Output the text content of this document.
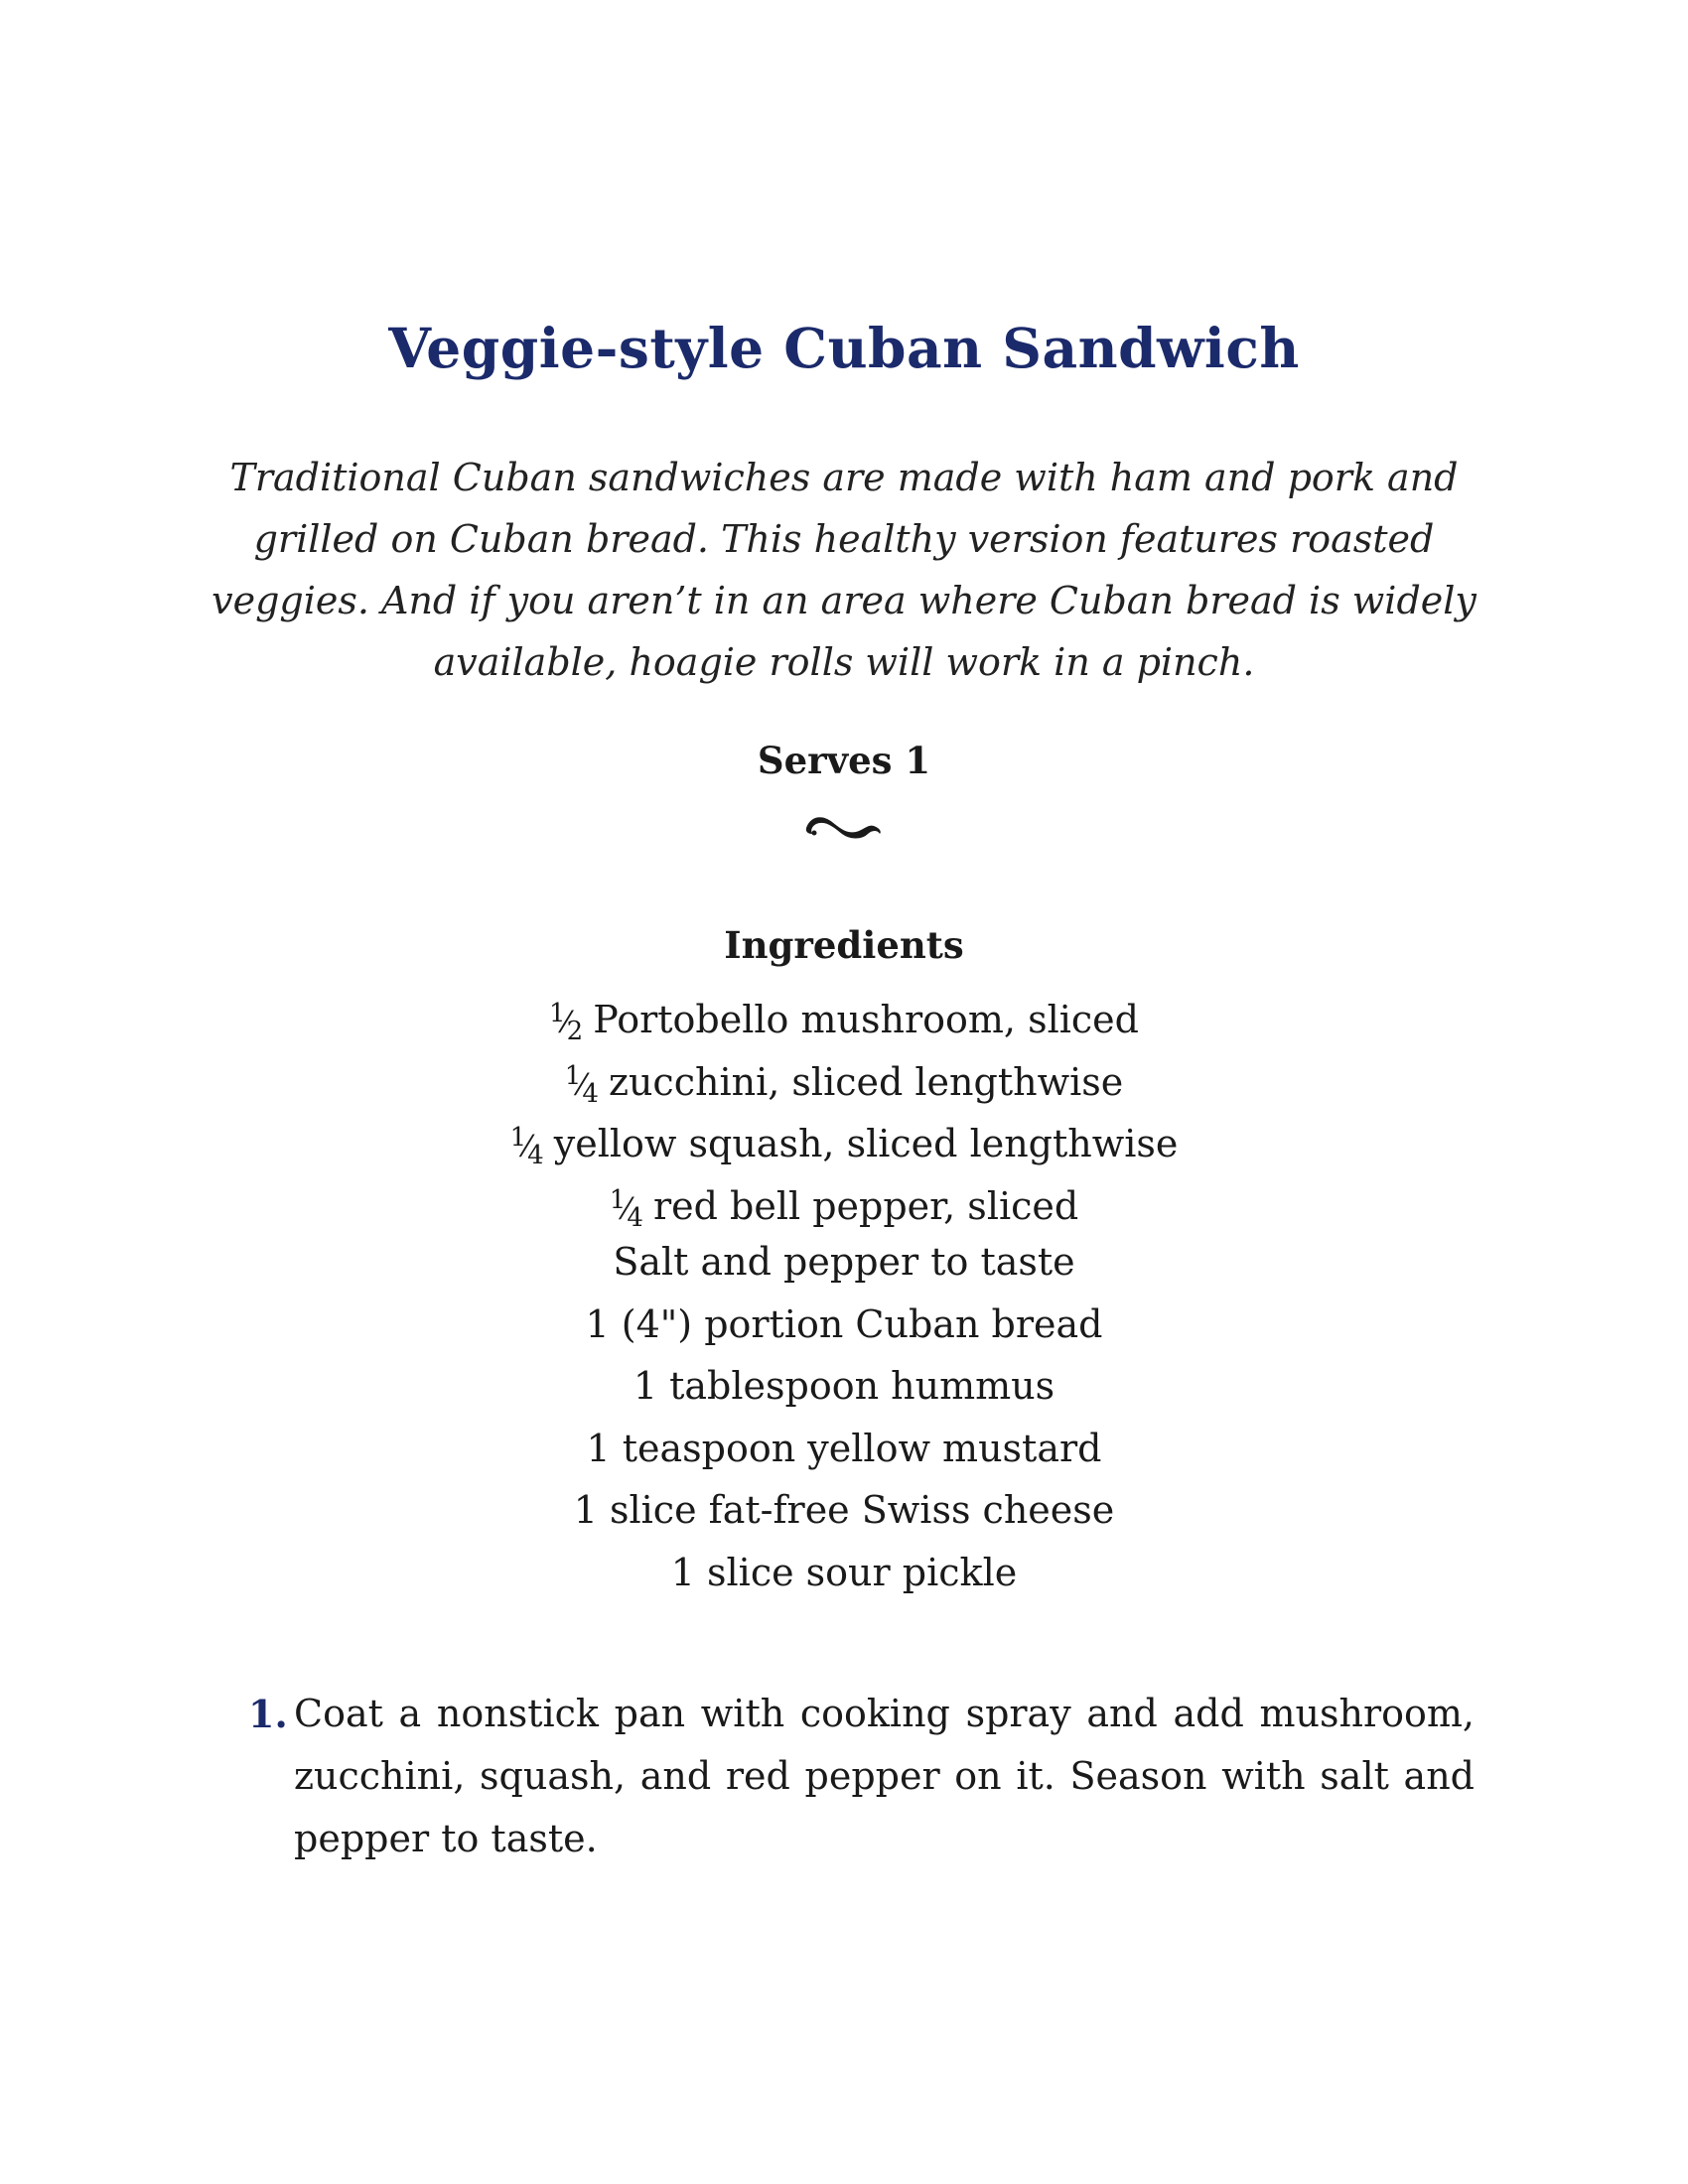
Veggie-style Cuban Sandwich

Traditional Cuban sandwiches are made with ham and pork and grilled on Cuban bread. This healthy version features roasted veggies. And if you aren’t in an area where Cuban bread is widely available, hoagie rolls will work in a pinch.

Serves 1

Ingredients
$^1⁄_2$ Portobello mushroom, sliced
$^1⁄_4$ zucchini, sliced lengthwise
$^1⁄_4$ yellow squash, sliced lengthwise
$^1⁄_4$ red bell pepper, sliced
Salt and pepper to taste
1 (4") portion Cuban bread
1 tablespoon hummus
1 teaspoon yellow mustard
1 slice fat-free Swiss cheese
1 slice sour pickle
1. Coat a nonstick pan with cooking spray and add mushroom, zucchini, squash, and red pepper on it. Season with salt and pepper to taste.
